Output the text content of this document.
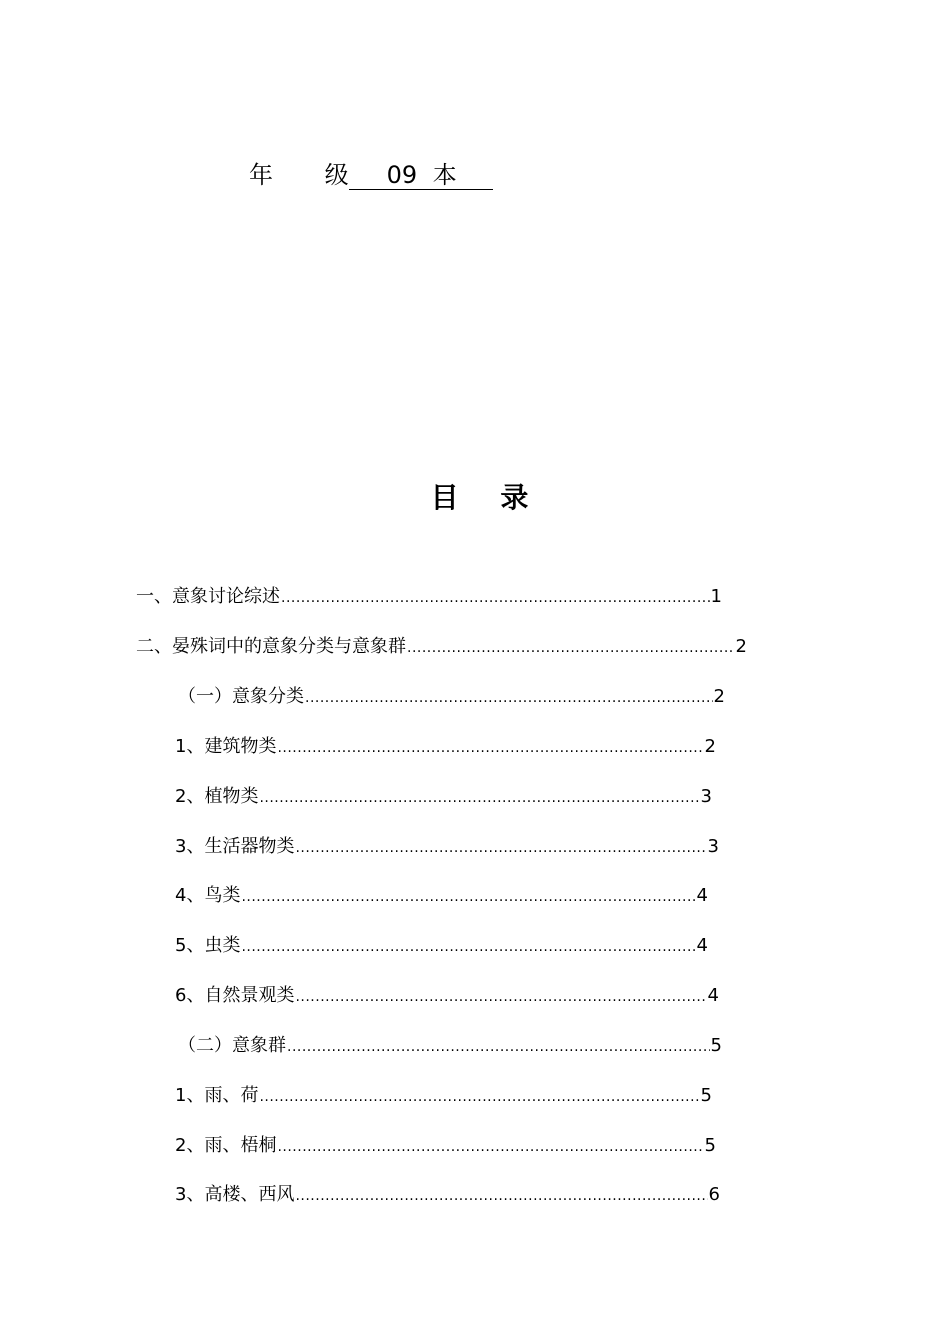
年 级 09 本
目 录
一、意象讨论综述 .....	1
二、晏殊词中的意象分类与意象群 .....	2
（一）意象分类 .....	2
1、建筑物类 .....	2
2、植物类 .....	3
3、生活器物类 .....	3
4、鸟类 .....	4
5、虫类 .....	4
6、自然景观类 .....	4
（二）意象群 .....	5
1、雨、荷 .....	5
2、雨、梧桐 .....	5
3、高楼、西风 .....	6
